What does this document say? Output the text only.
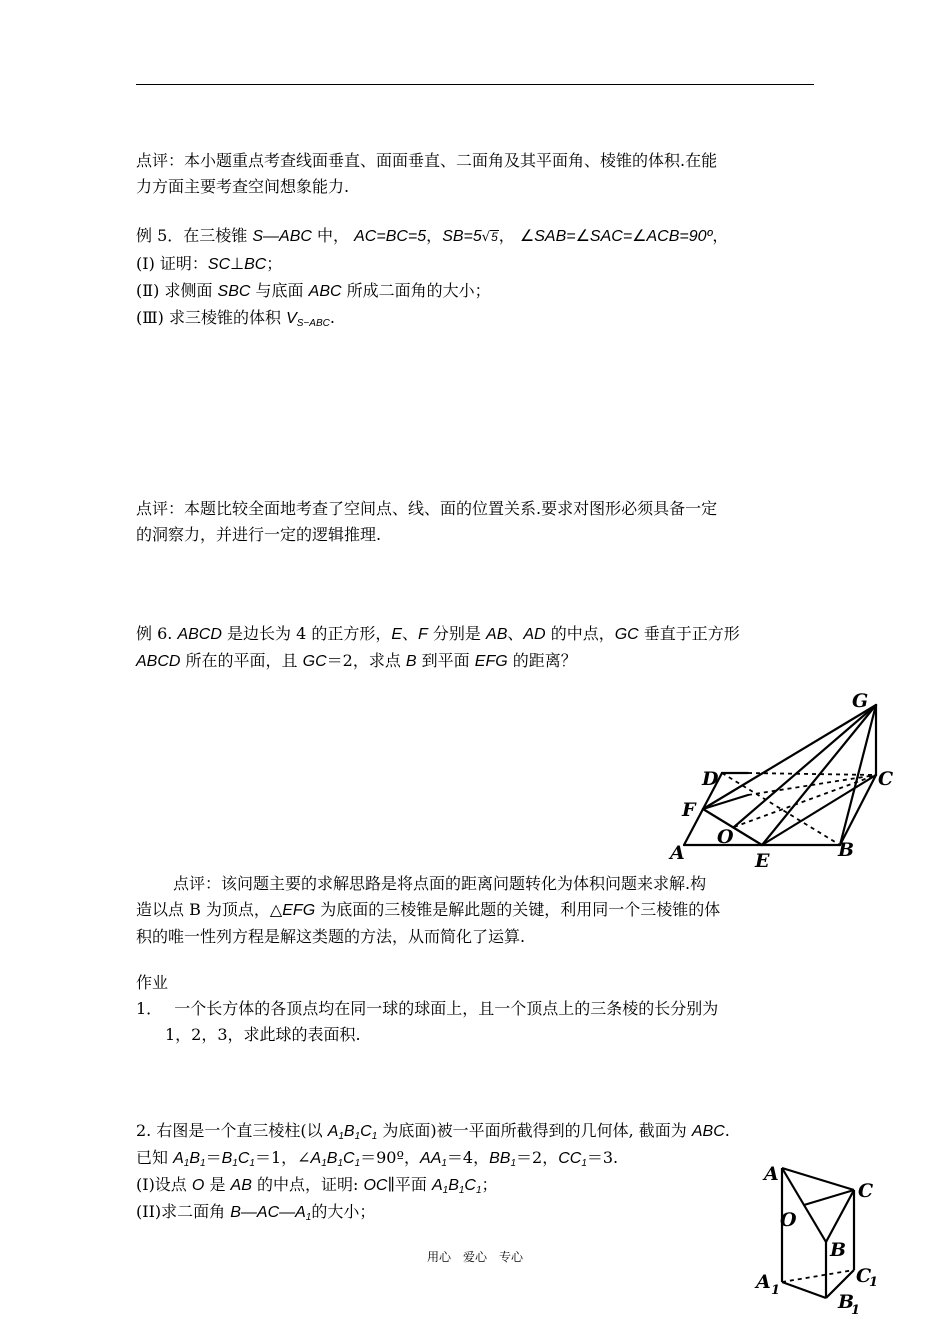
点评：本小题重点考查线面垂直、面面垂直、二面角及其平面角、棱锥的体积.在能
力方面主要考查空间想象能力.

例 5．在三棱锥 S—ABC 中， AC=BC=5，SB=5√5， ∠SAB=∠SAC=∠ACB=90º，
(Ⅰ) 证明：SC⊥BC；
(Ⅱ) 求侧面 SBC 与底面 ABC 所成二面角的大小；
(Ⅲ) 求三棱锥的体积 $V_{S-ABC}$.

点评：本题比较全面地考查了空间点、线、面的位置关系.要求对图形必须具备一定
的洞察力，并进行一定的逻辑推理.

例 6. ABCD 是边长为 4 的正方形，E、F 分别是 AB、AD 的中点，GC 垂直于正方形
ABCD 所在的平面，且 GC＝2，求点 B 到平面 EFG 的距离？

G
D	C
F
O
A	E	B

点评：该问题主要的求解思路是将点面的距离问题转化为体积问题来求解.构

造以点 B 为顶点，△EFG 为底面的三棱锥是解此题的关键，利用同一个三棱锥的体
积的唯一性列方程是解这类题的方法，从而简化了运算.

作业
1． 一个长方体的各顶点均在同一球的球面上，且一个顶点上的三条棱的长分别为
1，2，3，求此球的表面积.

2. 右图是一个直三棱柱(以 $A_1B_1C_1$ 为底面)被一平面所截得到的几何体, 截面为 ABC.
已知 $A_1B_1=B_1C_1=1$，$\angle A_1B_1C_1=90º$，$AA_1=4$，$BB_1=2$，$CC_1=3$.
(I)设点 O 是 AB 的中点，证明: OC∥平面 $A_1B_1C_1$；
(II)求二面角 $B—AC—A_1$的大小；

A
C
O
B
A 1
C
1
B
1
用心　爱心　专心
